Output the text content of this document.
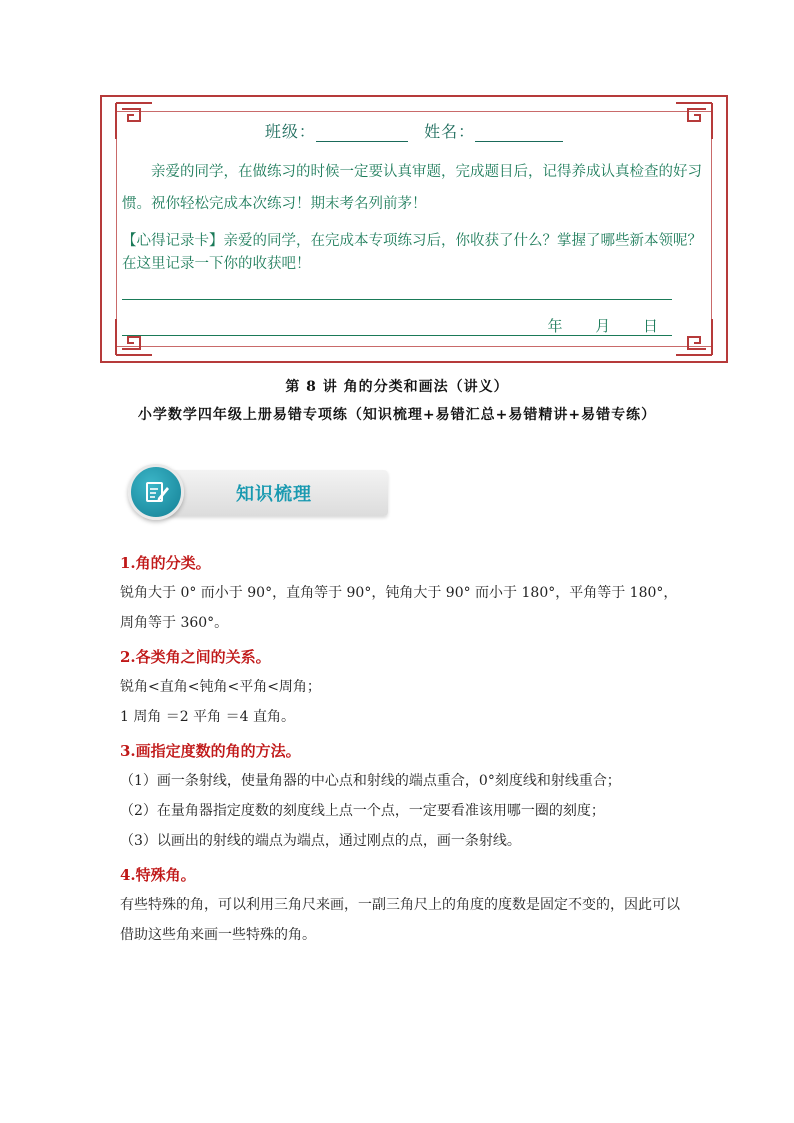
班级：	姓名：
亲爱的同学，在做练习的时候一定要认真审题，完成题目后，记得养成认真检查的好习惯。祝你轻松完成本次练习！期末考名列前茅！
【心得记录卡】亲爱的同学，在完成本专项练习后，你收获了什么？掌握了哪些新本领呢？在这里记录一下你的收获吧！
年 月 日
第 8 讲 角的分类和画法（讲义）
小学数学四年级上册易错专项练（知识梳理+易错汇总+易错精讲+易错专练）
知识梳理
1.角的分类。

锐角大于 0° 而小于 90°，直角等于 90°，钝角大于 90° 而小于 180°，平角等于 180°，周角等于 360°。

2.各类角之间的关系。

锐角<直角<钝角<平角<周角；

1 周角 ＝2 平角 ＝4 直角。

3.画指定度数的角的方法。

（1）画一条射线，使量角器的中心点和射线的端点重合，0°刻度线和射线重合；

（2）在量角器指定度数的刻度线上点一个点，一定要看准该用哪一圈的刻度；

（3）以画出的射线的端点为端点，通过刚点的点，画一条射线。

4.特殊角。

有些特殊的角，可以利用三角尺来画，一副三角尺上的角度的度数是固定不变的，因此可以借助这些角来画一些特殊的角。
